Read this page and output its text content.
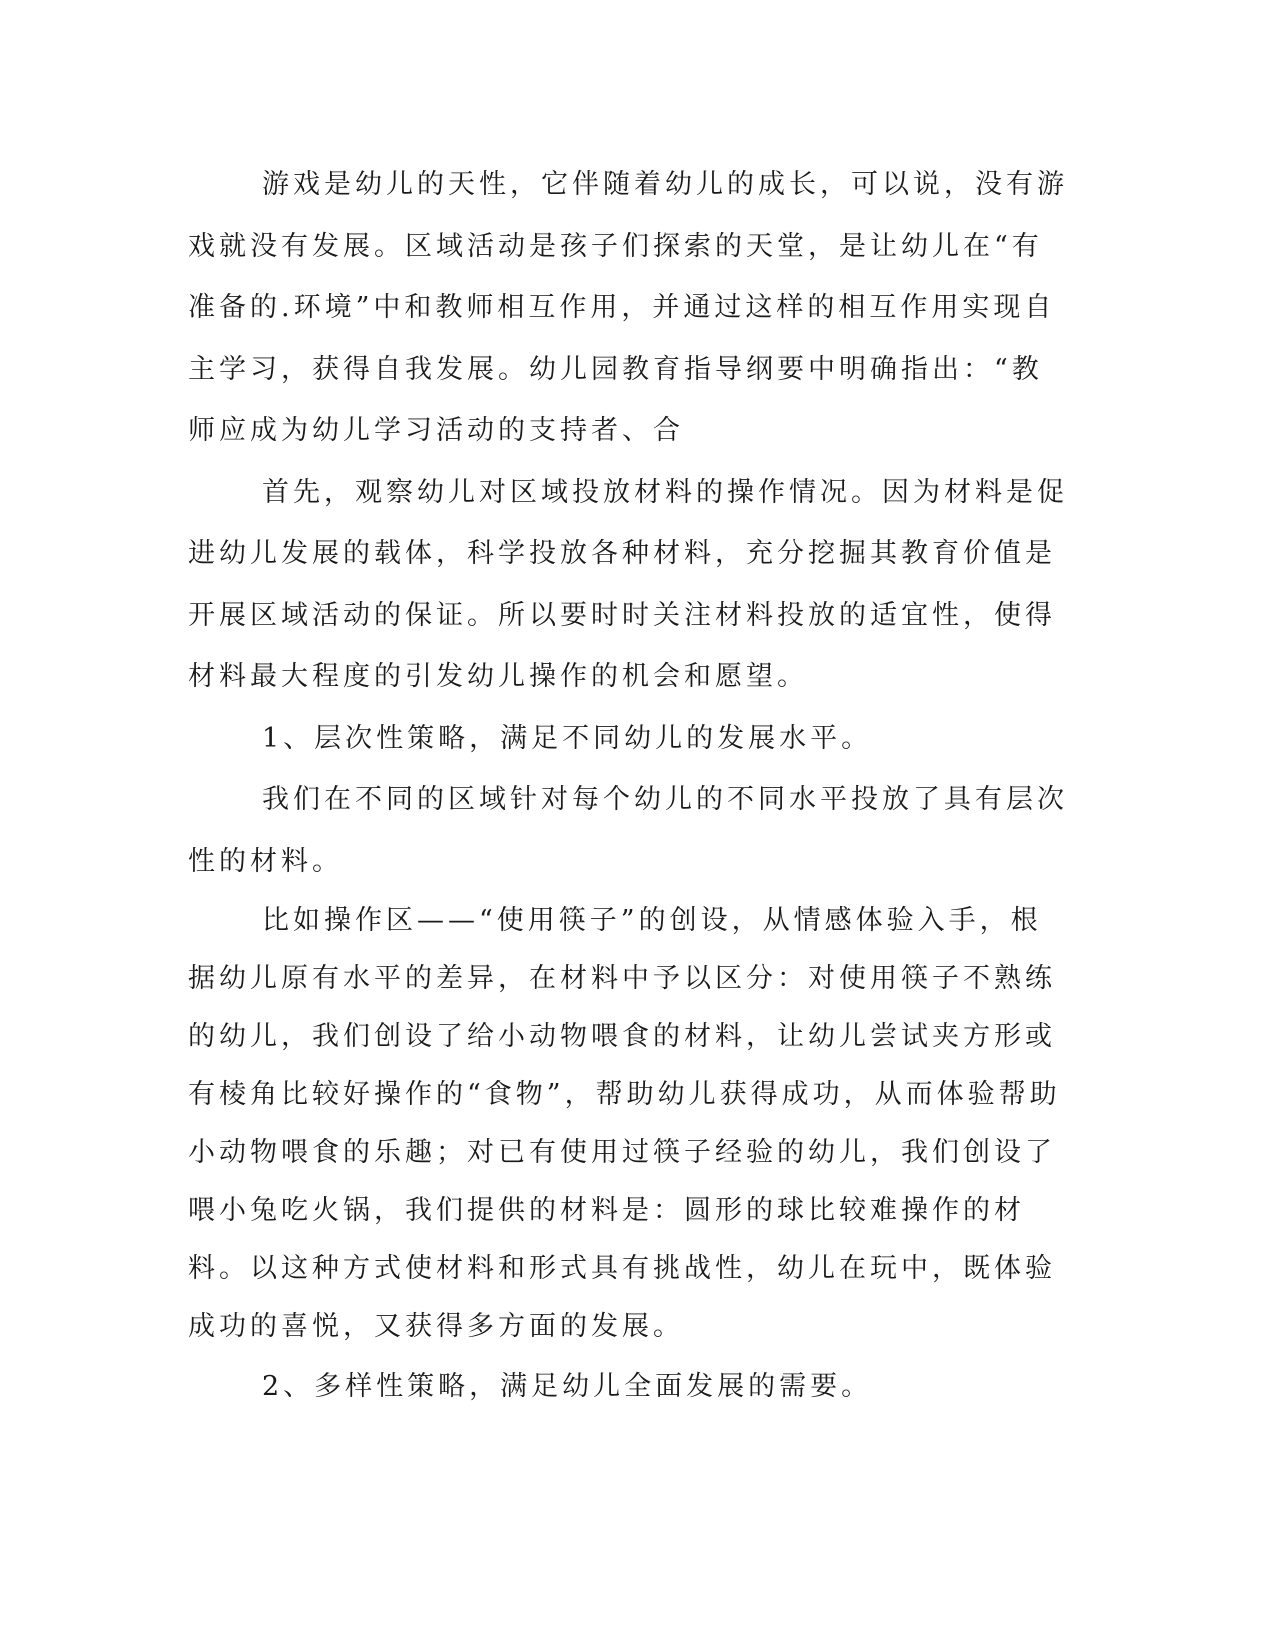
游戏是幼儿的天性，它伴随着幼儿的成长，可以说，没有游戏就没有发展。区域活动是孩子们探索的天堂，是让幼儿在“有准备的.环境”中和教师相互作用，并通过这样的相互作用实现自主学习，获得自我发展。幼儿园教育指导纲要中明确指出：“教师应成为幼儿学习活动的支持者、合

首先，观察幼儿对区域投放材料的操作情况。因为材料是促进幼儿发展的载体，科学投放各种材料，充分挖掘其教育价值是开展区域活动的保证。所以要时时关注材料投放的适宜性，使得材料最大程度的引发幼儿操作的机会和愿望。

1、层次性策略，满足不同幼儿的发展水平。

我们在不同的区域针对每个幼儿的不同水平投放了具有层次性的材料。

比如操作区——“使用筷子”的创设，从情感体验入手，根据幼儿原有水平的差异，在材料中予以区分：对使用筷子不熟练的幼儿，我们创设了给小动物喂食的材料，让幼儿尝试夹方形或有棱角比较好操作的“食物”，帮助幼儿获得成功，从而体验帮助小动物喂食的乐趣；对已有使用过筷子经验的幼儿，我们创设了喂小兔吃火锅，我们提供的材料是：圆形的球比较难操作的材料。以这种方式使材料和形式具有挑战性，幼儿在玩中，既体验成功的喜悦，又获得多方面的发展。

2、多样性策略，满足幼儿全面发展的需要。
